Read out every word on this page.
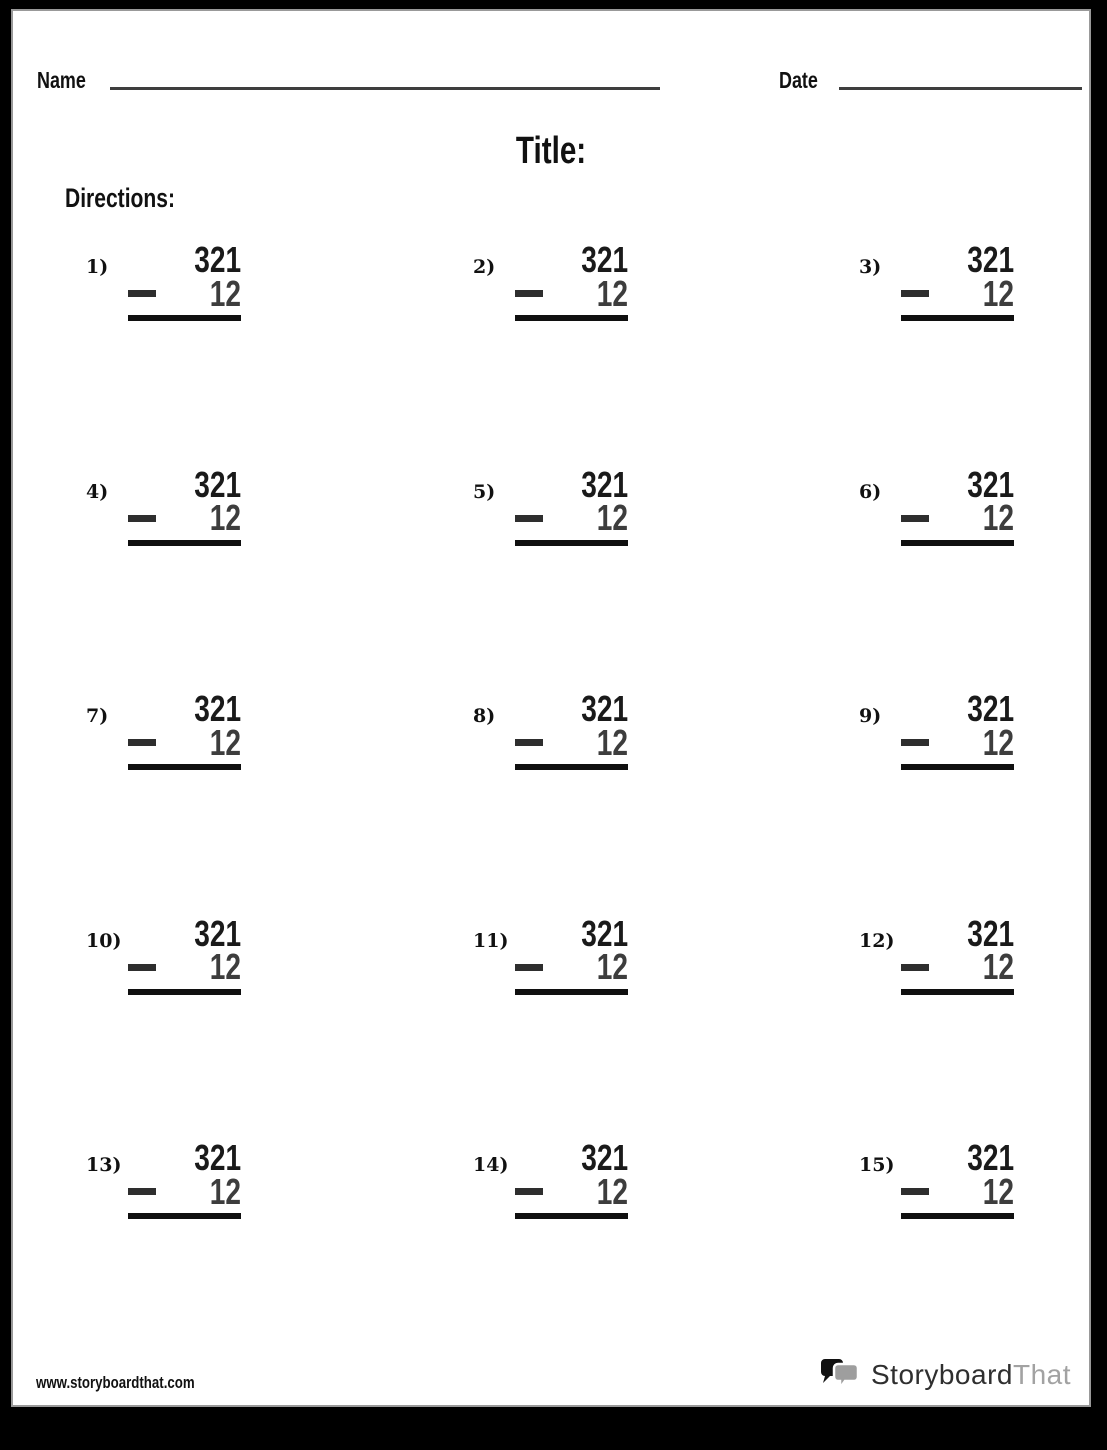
Name	Date
Title:
Directions:
1) 321
12
2) 321
12
3) 321
12
4) 321
12
5) 321
12
6) 321
12
7) 321
12
8) 321
12
9) 321
12
10) 321
12
11) 321
12
12) 321
12
13) 321
12
14) 321
12
15) 321
12
www.storyboardthat.com	StoryboardThat
